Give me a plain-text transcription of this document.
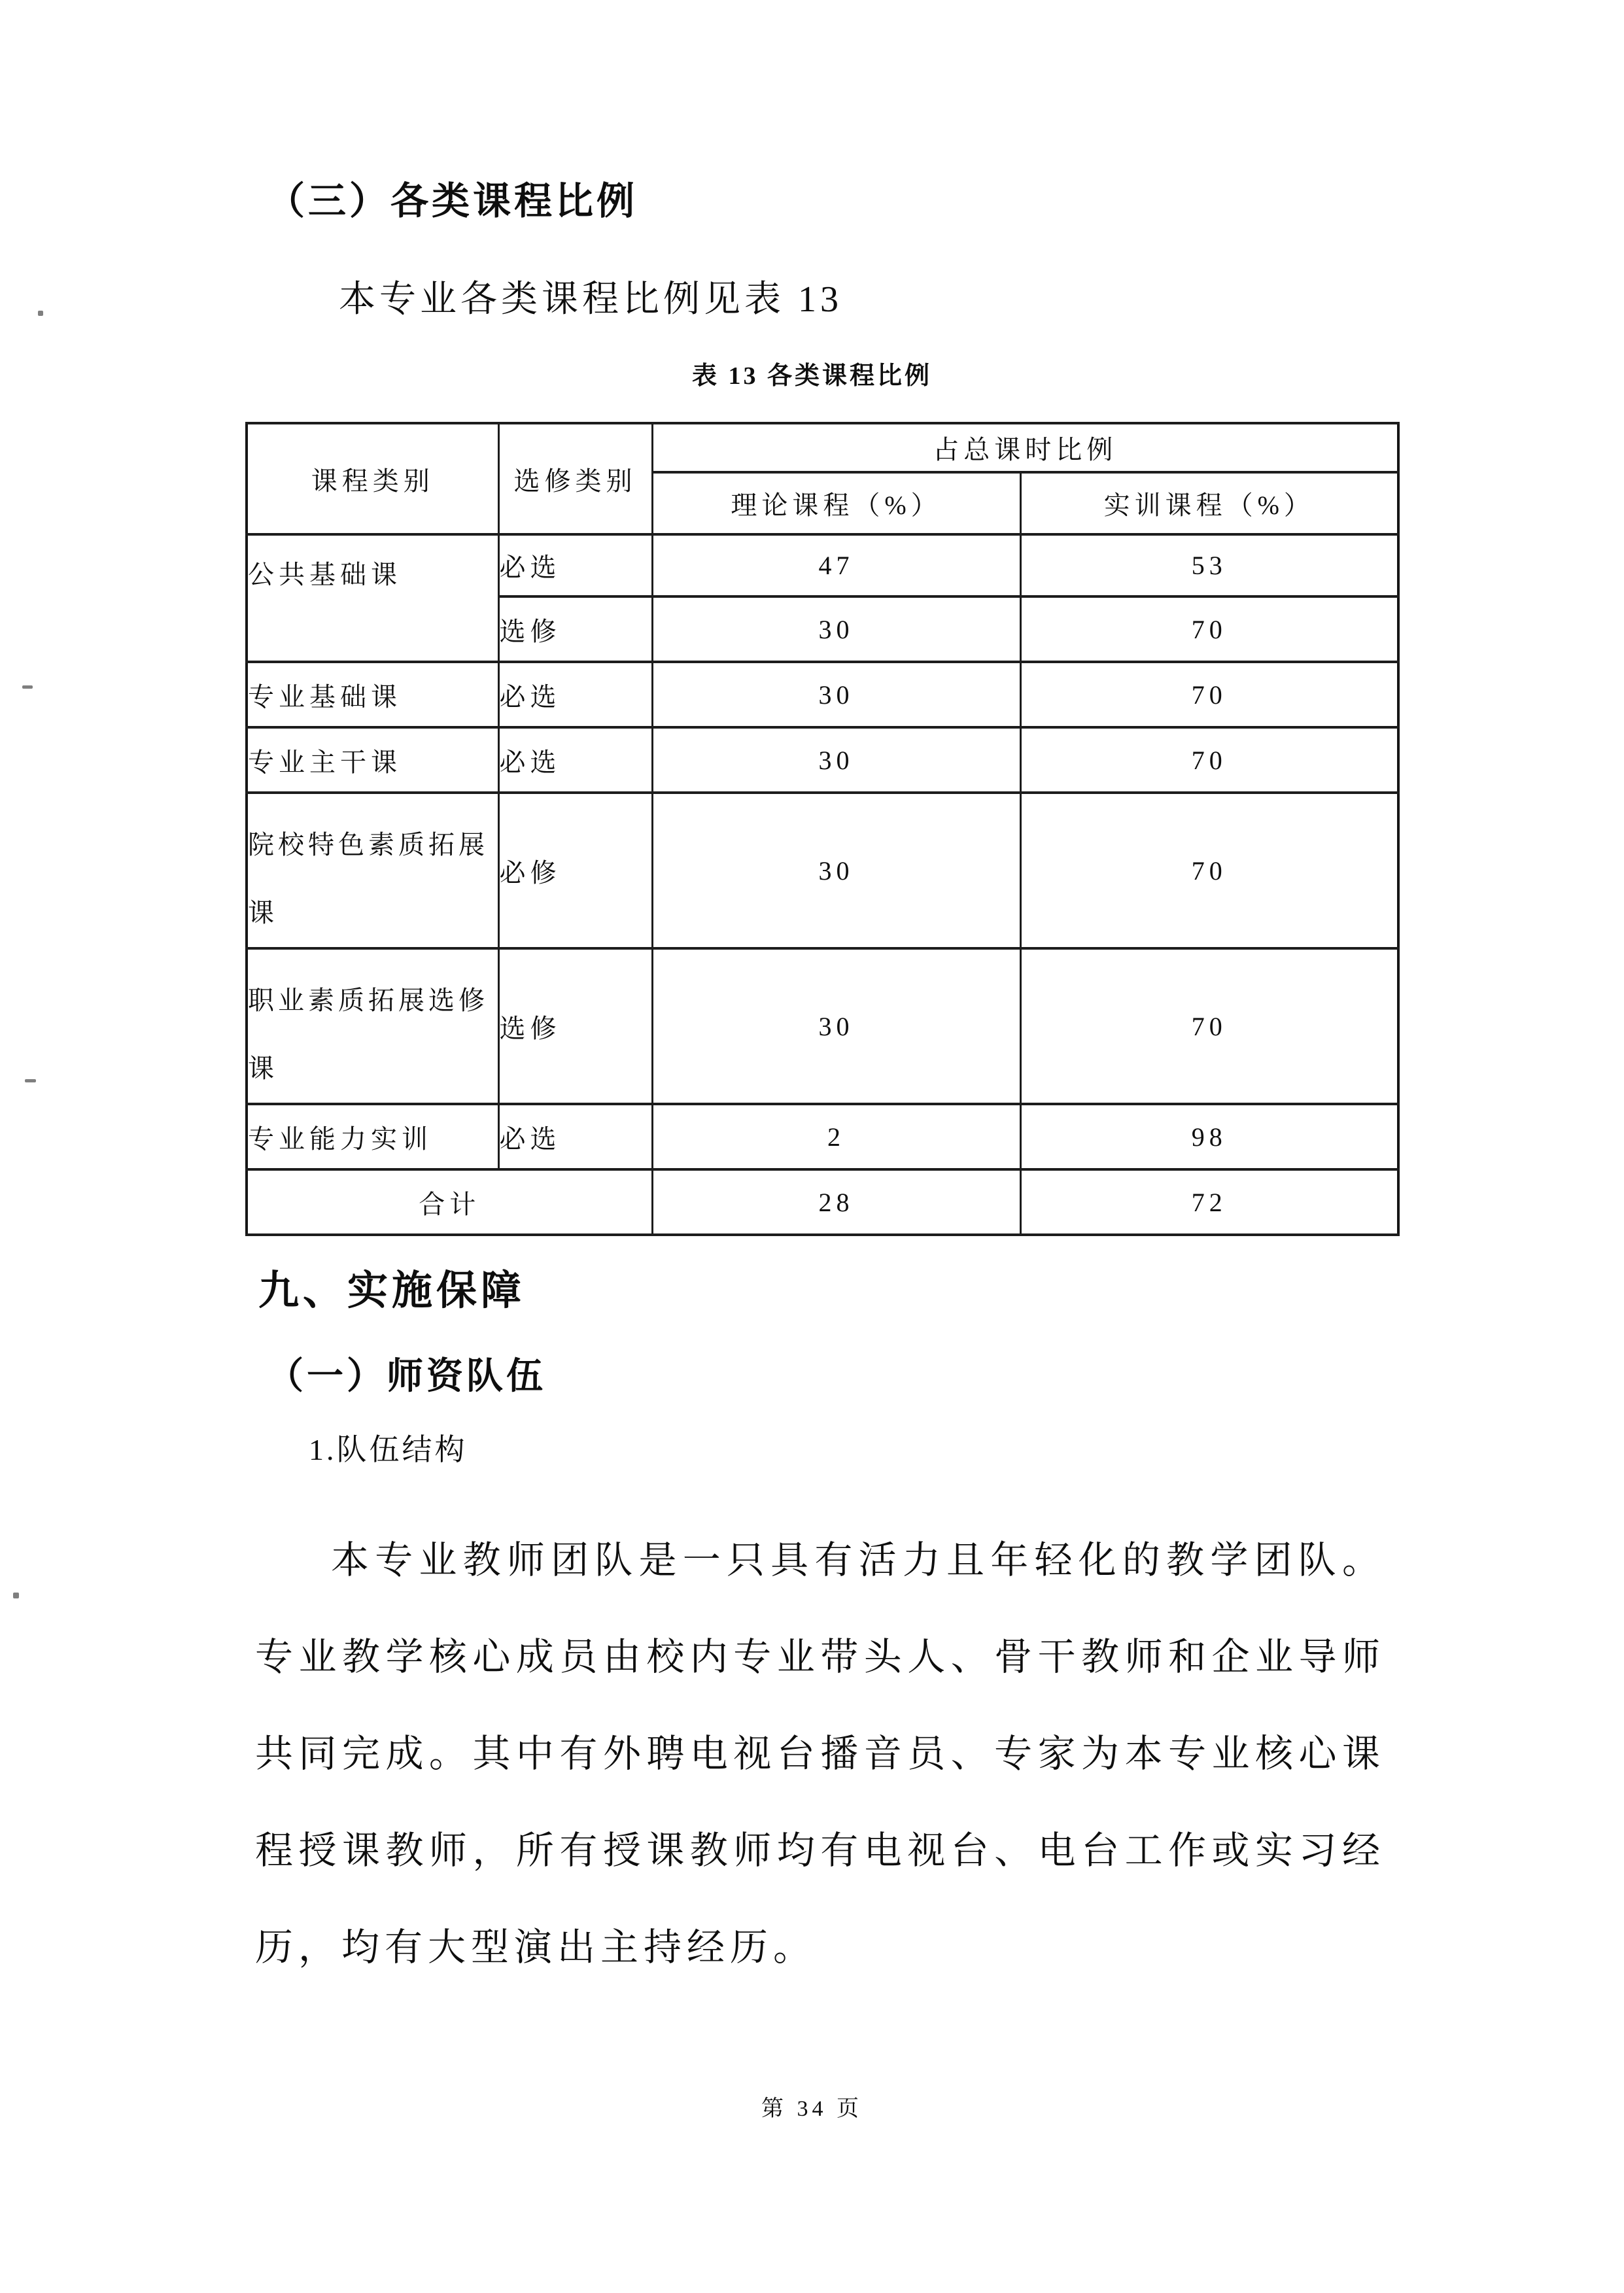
（三）各类课程比例
本专业各类课程比例见表 13
表 13 各类课程比例
课程类别	选修类别	占总课时比例	
		理论课程（%）	实训课程（%）
公共基础课	必选	47	53
	选修	30	70
专业基础课	必选	30	70
专业主干课	必选	30	70
院校特色素质拓展课	必修	30	70
职业素质拓展选修课	选修	30	70
专业能力实训	必选	2	98
合计		28	72
九、实施保障
（一）师资队伍
1.队伍结构
本专业教师团队是一只具有活力且年轻化的教学团队。专业教学核心成员由校内专业带头人、骨干教师和企业导师共同完成。其中有外聘电视台播音员、专家为本专业核心课程授课教师，所有授课教师均有电视台、电台工作或实习经历，均有大型演出主持经历。
第 34 页
